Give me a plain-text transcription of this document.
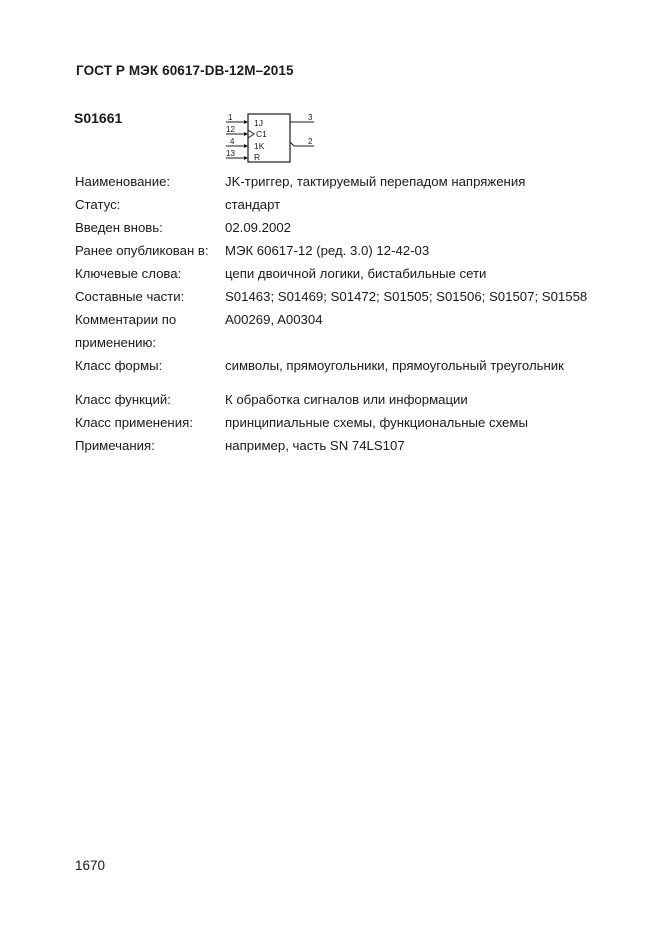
ГОСТ Р МЭК 60617-DB-12M–2015
S01661	1
12
4
13
3
2
1J
C1
1K
R
Наименование:	JK-триггер, тактируемый перепадом напряжения
Статус:	стандарт
Введен вновь:	02.09.2002
Ранее опубликован в: МЭК 60617-12 (ред. 3.0) 12-42-03
Ключевые слова:	цепи двоичной логики, бистабильные сети
Составные части:	S01463; S01469; S01472; S01505; S01506; S01507; S01558
Комментарии по	A00269, A00304
применению:
Класс формы:	символы, прямоугольники, прямоугольный треугольник
Класс функций:	К обработка сигналов или информации
Класс применения: принципиальные схемы, функциональные схемы
Примечания:	например, часть SN 74LS107
1670
